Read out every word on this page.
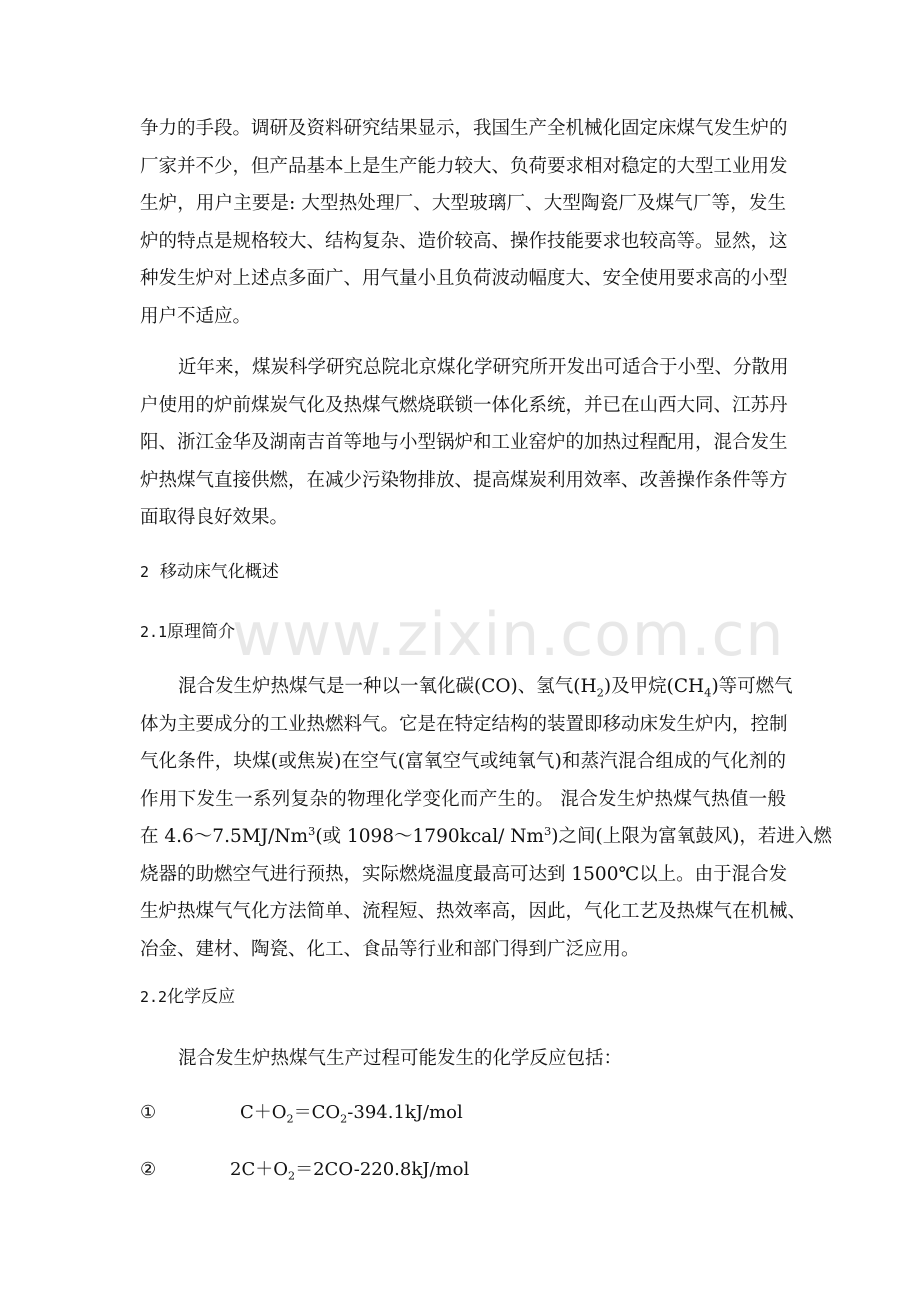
争力的手段。调研及资料研究结果显示，我国生产全机械化固定床煤气发生炉的
厂家并不少，但产品基本上是生产能力较大、负荷要求相对稳定的大型工业用发
生炉，用户主要是: 大型热处理厂、大型玻璃厂、大型陶瓷厂及煤气厂等，发生
炉的特点是规格较大、结构复杂、造价较高、操作技能要求也较高等。显然，这
种发生炉对上述点多面广、用气量小且负荷波动幅度大、安全使用要求高的小型
用户不适应。
近年来，煤炭科学研究总院北京煤化学研究所开发出可适合于小型、分散用
户使用的炉前煤炭气化及热煤气燃烧联锁一体化系统，并已在山西大同、江苏丹
阳、浙江金华及湖南吉首等地与小型锅炉和工业窑炉的加热过程配用，混合发生
炉热煤气直接供燃，在减少污染物排放、提高煤炭利用效率、改善操作条件等方
面取得良好效果。
2 移动床气化概述
2.1原理简介
www.zixin.com.cn
混合发生炉热煤气是一种以一氧化碳(CO)、氢气$(H_2)$及甲烷$(CH_4)$等可燃气
体为主要成分的工业热燃料气。它是在特定结构的装置即移动床发生炉内，控制
气化条件，块煤(或焦炭)在空气(富氧空气或纯氧气)和蒸汽混合组成的气化剂的
作用下发生一系列复杂的物理化学变化而产生的。 混合发生炉热煤气热值一般
在 4.6～7.5MJ/Nm$^3$(或 1098～1790kcal/ Nm$^3$)之间(上限为富氧鼓风)，若进入燃
烧器的助燃空气进行预热，实际燃烧温度最高可达到 1500℃以上。由于混合发
生炉热煤气气化方法简单、流程短、热效率高，因此，气化工艺及热煤气在机械、
冶金、建材、陶瓷、化工、食品等行业和部门得到广泛应用。
2.2化学反应
混合发生炉热煤气生产过程可能发生的化学反应包括：
①	$C+O_2=CO_2-394.1kJ$/mol
②	$2C+O_2=2CO-220.8kJ$/mol
